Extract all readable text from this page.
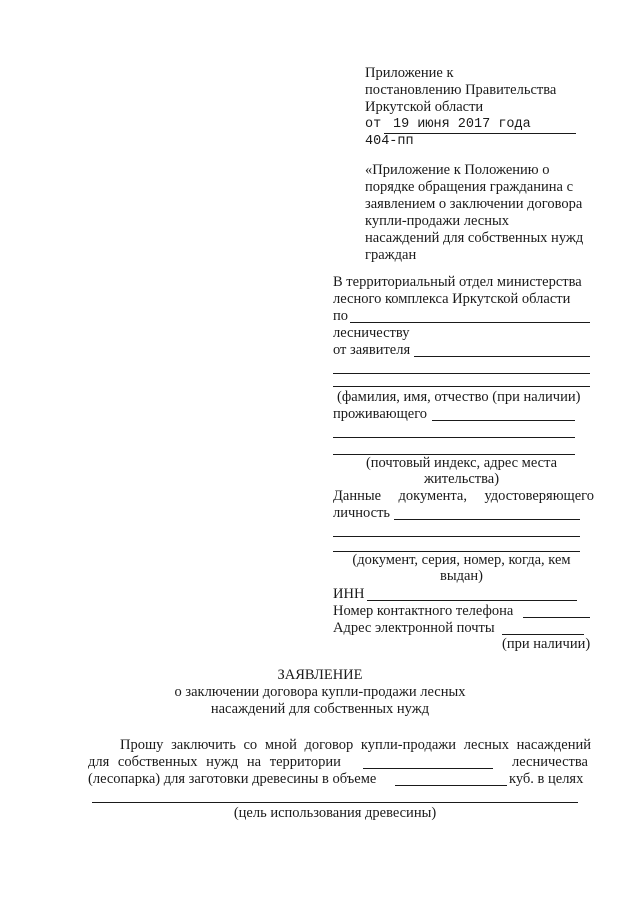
Приложение к
постановлению Правительства
Иркутской области
от 19 июня 2017 года
404-пп
«Приложение к Положению о
порядке обращения гражданина с
заявлением о заключении договора
купли-продажи лесных
насаждений для собственных нужд
граждан
В территориальный отдел министерства
лесного комплекса Иркутской области
по
лесничеству
от заявителя
(фамилия, имя, отчество (при наличии)
проживающего
(почтовый индекс, адрес места
жительства)
Данные документа, удостоверяющего
личность
(документ, серия, номер, когда, кем
выдан)
ИНН
Номер контактного телефона
Адрес электронной почты
(при наличии)
ЗАЯВЛЕНИЕ
о заключении договора купли-продажи лесных
насаждений для собственных нужд
Прошу заключить со мной договор купли-продажи лесных насаждений
для собственных нужд на территории	лесничества
(лесопарка) для заготовки древесины в объеме	куб. в целях
(цель использования древесины)
